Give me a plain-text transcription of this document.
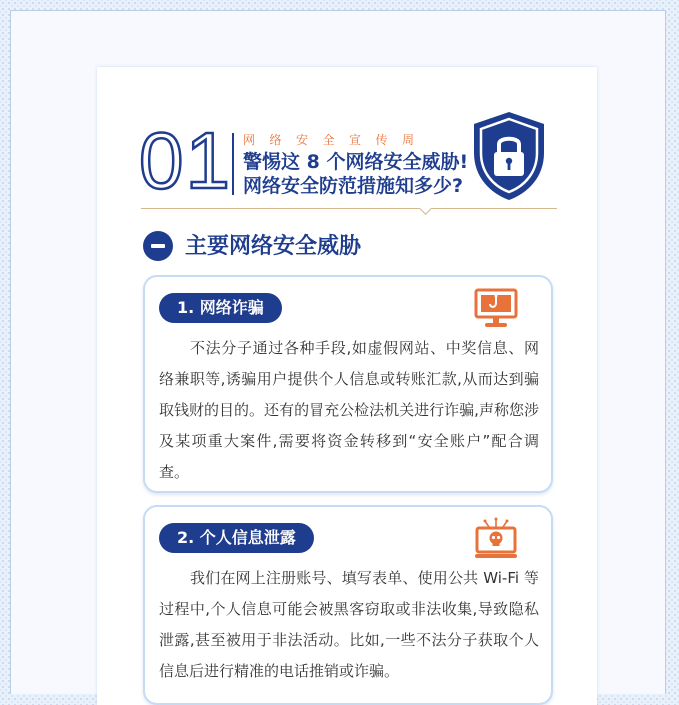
01 网络安全宣传周
警惕这 8 个网络安全威胁!
网络安全防范措施知多少?
主要网络安全威胁
1. 网络诈骗
不法分子通过各种手段,如虚假网站、中奖信息、网络兼职等,诱骗用户提供个人信息或转账汇款,从而达到骗取钱财的目的。还有的冒充公检法机关进行诈骗,声称您涉及某项重大案件,需要将资金转移到“安全账户”配合调查。
2. 个人信息泄露
我们在网上注册账号、填写表单、使用公共 Wi-Fi 等过程中,个人信息可能会被黑客窃取或非法收集,导致隐私泄露,甚至被用于非法活动。比如,一些不法分子获取个人信息后进行精准的电话推销或诈骗。
